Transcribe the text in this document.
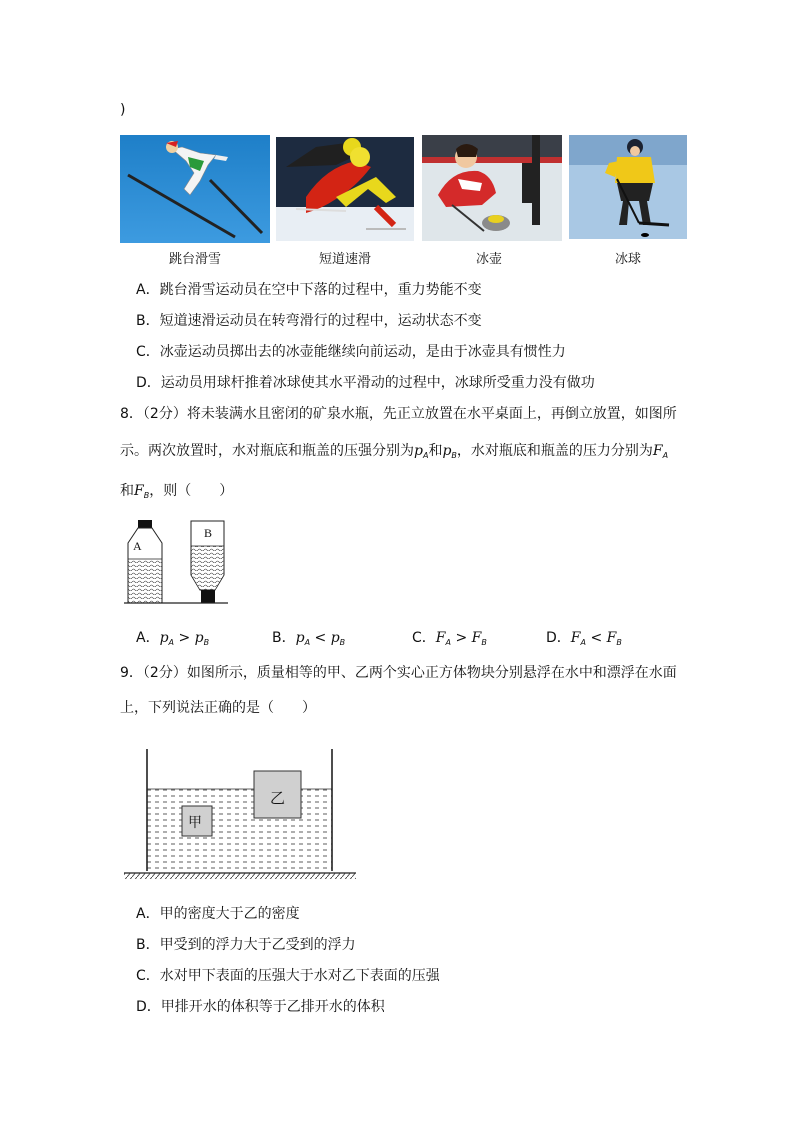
)
跳台滑雪	短道速滑	冰壶	冰球
A．跳台滑雪运动员在空中下落的过程中，重力势能不变
B．短道速滑运动员在转弯滑行的过程中，运动状态不变
C．冰壶运动员掷出去的冰壶能继续向前运动，是由于冰壶具有惯性力
D．运动员用球杆推着冰球使其水平滑动的过程中，冰球所受重力没有做功
8．（2分）将未装满水且密闭的矿泉水瓶，先正立放置在水平桌面上，再倒立放置，如图所
示。两次放置时，水对瓶底和瓶盖的压强分别为$p_A$和$p_B$，水对瓶底和瓶盖的压力分别为$F_A$
和$F_B$，则（　　）
A
B
A．$p_A > p_B$	B．$p_A < p_B$	C．$F_A > F_B$	D．$F_A < F_B$
9．（2分）如图所示，质量相等的甲、乙两个实心正方体物块分别悬浮在水中和漂浮在水面
上，下列说法正确的是（　　）
甲
乙
A．甲的密度大于乙的密度
B．甲受到的浮力大于乙受到的浮力
C．水对甲下表面的压强大于水对乙下表面的压强
D．甲排开水的体积等于乙排开水的体积
